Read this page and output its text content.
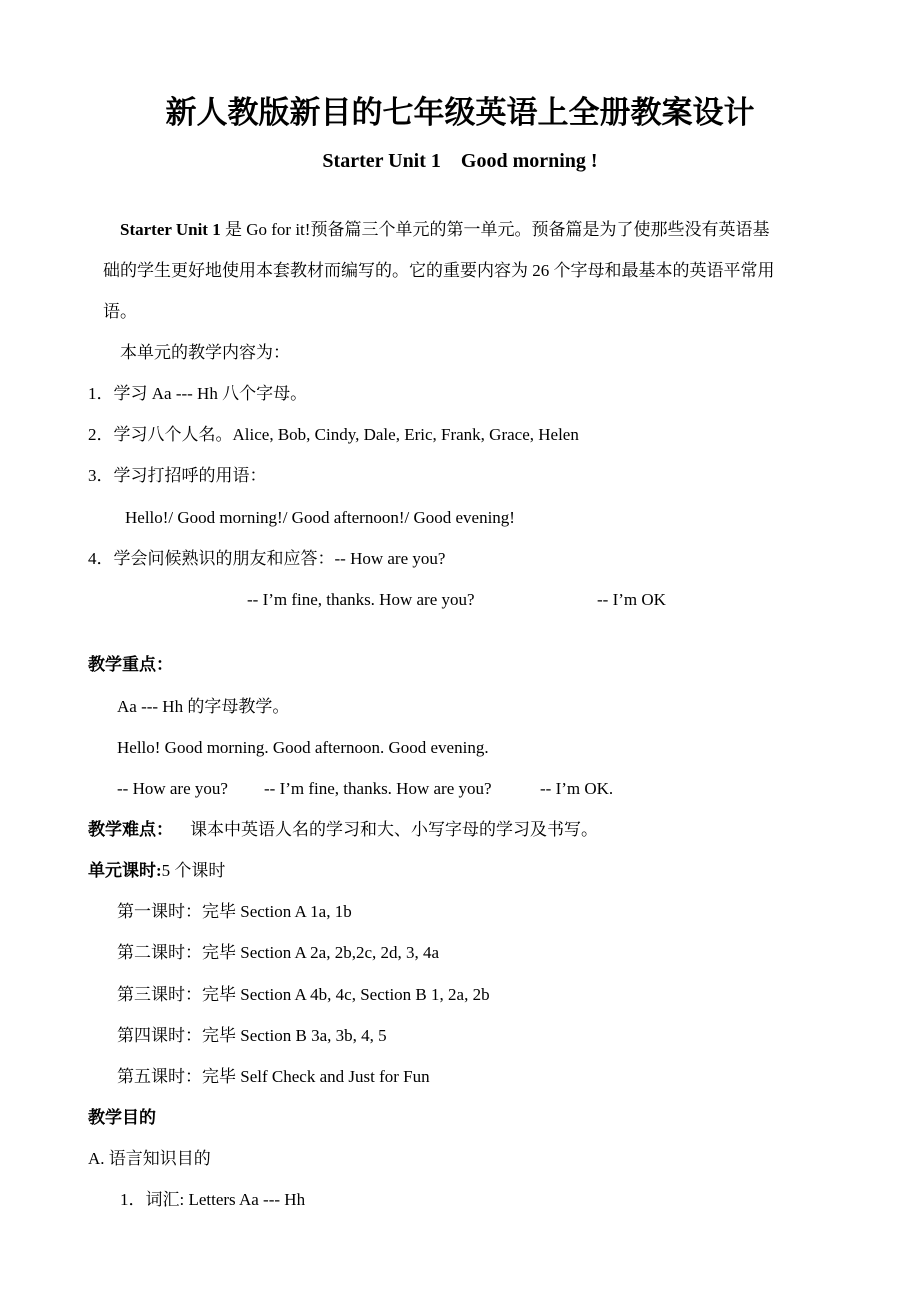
新人教版新目的七年级英语上全册教案设计
Starter Unit 1　Good morning !
Starter Unit 1 是 Go for it!预备篇三个单元的第一单元。预备篇是为了使那些没有英语基
础的学生更好地使用本套教材而编写的。它的重要内容为 26 个字母和最基本的英语平常用
语。
本单元的教学内容为：
1．学习 Aa --- Hh 八个字母。
2．学习八个人名。Alice, Bob, Cindy, Dale, Eric, Frank, Grace, Helen
3．学习打招呼的用语：
Hello!/ Good morning!/ Good afternoon!/ Good evening!
4．学会问候熟识的朋友和应答：-- How are you?
-- I’m fine, thanks. How are you?	-- I’m OK
教学重点：
Aa --- Hh 的字母教学。
Hello! Good morning. Good afternoon. Good evening.
-- How are you? -- I’m fine, thanks. How are you?	-- I’m OK.
教学难点： 课本中英语人名的学习和大、小写字母的学习及书写。
单元课时:5 个课时
第一课时：完毕 Section A 1a, 1b
第二课时：完毕 Section A 2a, 2b,2c, 2d, 3, 4a
第三课时：完毕 Section A 4b, 4c, Section B 1, 2a, 2b
第四课时：完毕 Section B 3a, 3b, 4, 5
第五课时：完毕 Self Check and Just for Fun
教学目的
A. 语言知识目的
1．词汇: Letters Aa --- Hh
